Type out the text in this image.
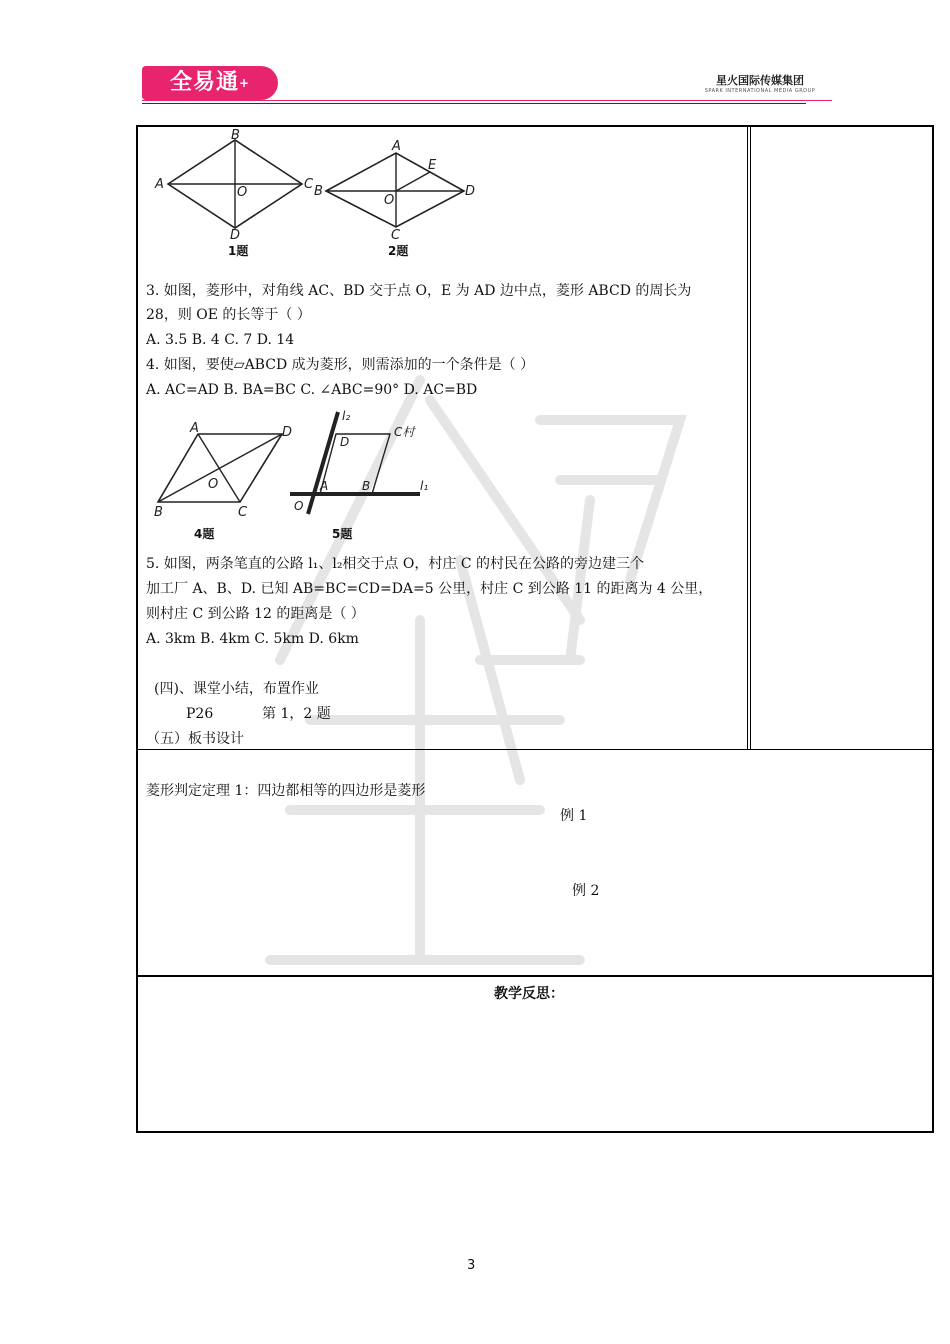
全易通+	星火国际传媒集团
SPARK INTERNATIONAL MEDIA GROUP
B
A	C
D
O
1题
A
B	D
C
E
O
2题
3. 如图，菱形中，对角线 AC、BD 交于点 O，E 为 AD 边中点，菱形 ABCD 的周长为
28，则 OE 的长等于（ ）
A. 3.5 B. 4 C. 7 D. 14
4. 如图，要使▱ABCD 成为菱形，则需添加的一个条件是（ ）
A. AC=AD B. BA=BC C. ∠ABC=90° D. AC=BD
A	D
B	C
O
4题
l₂
l₁
D
C村
A	B
O
5题
5. 如图，两条笔直的公路 l₁、l₂相交于点 O，村庄 C 的村民在公路的旁边建三个
加工厂 A、B、D. 已知 AB=BC=CD=DA=5 公里，村庄 C 到公路 11 的距离为 4 公里，
则村庄 C 到公路 12 的距离是（ ）
A. 3km B. 4km C. 5km D. 6km
(四)、课堂小结，布置作业
P26	第 1，2 题
（五）板书设计
菱形判定定理 1：四边都相等的四边形是菱形
例 1
例 2
教学反思：
3
